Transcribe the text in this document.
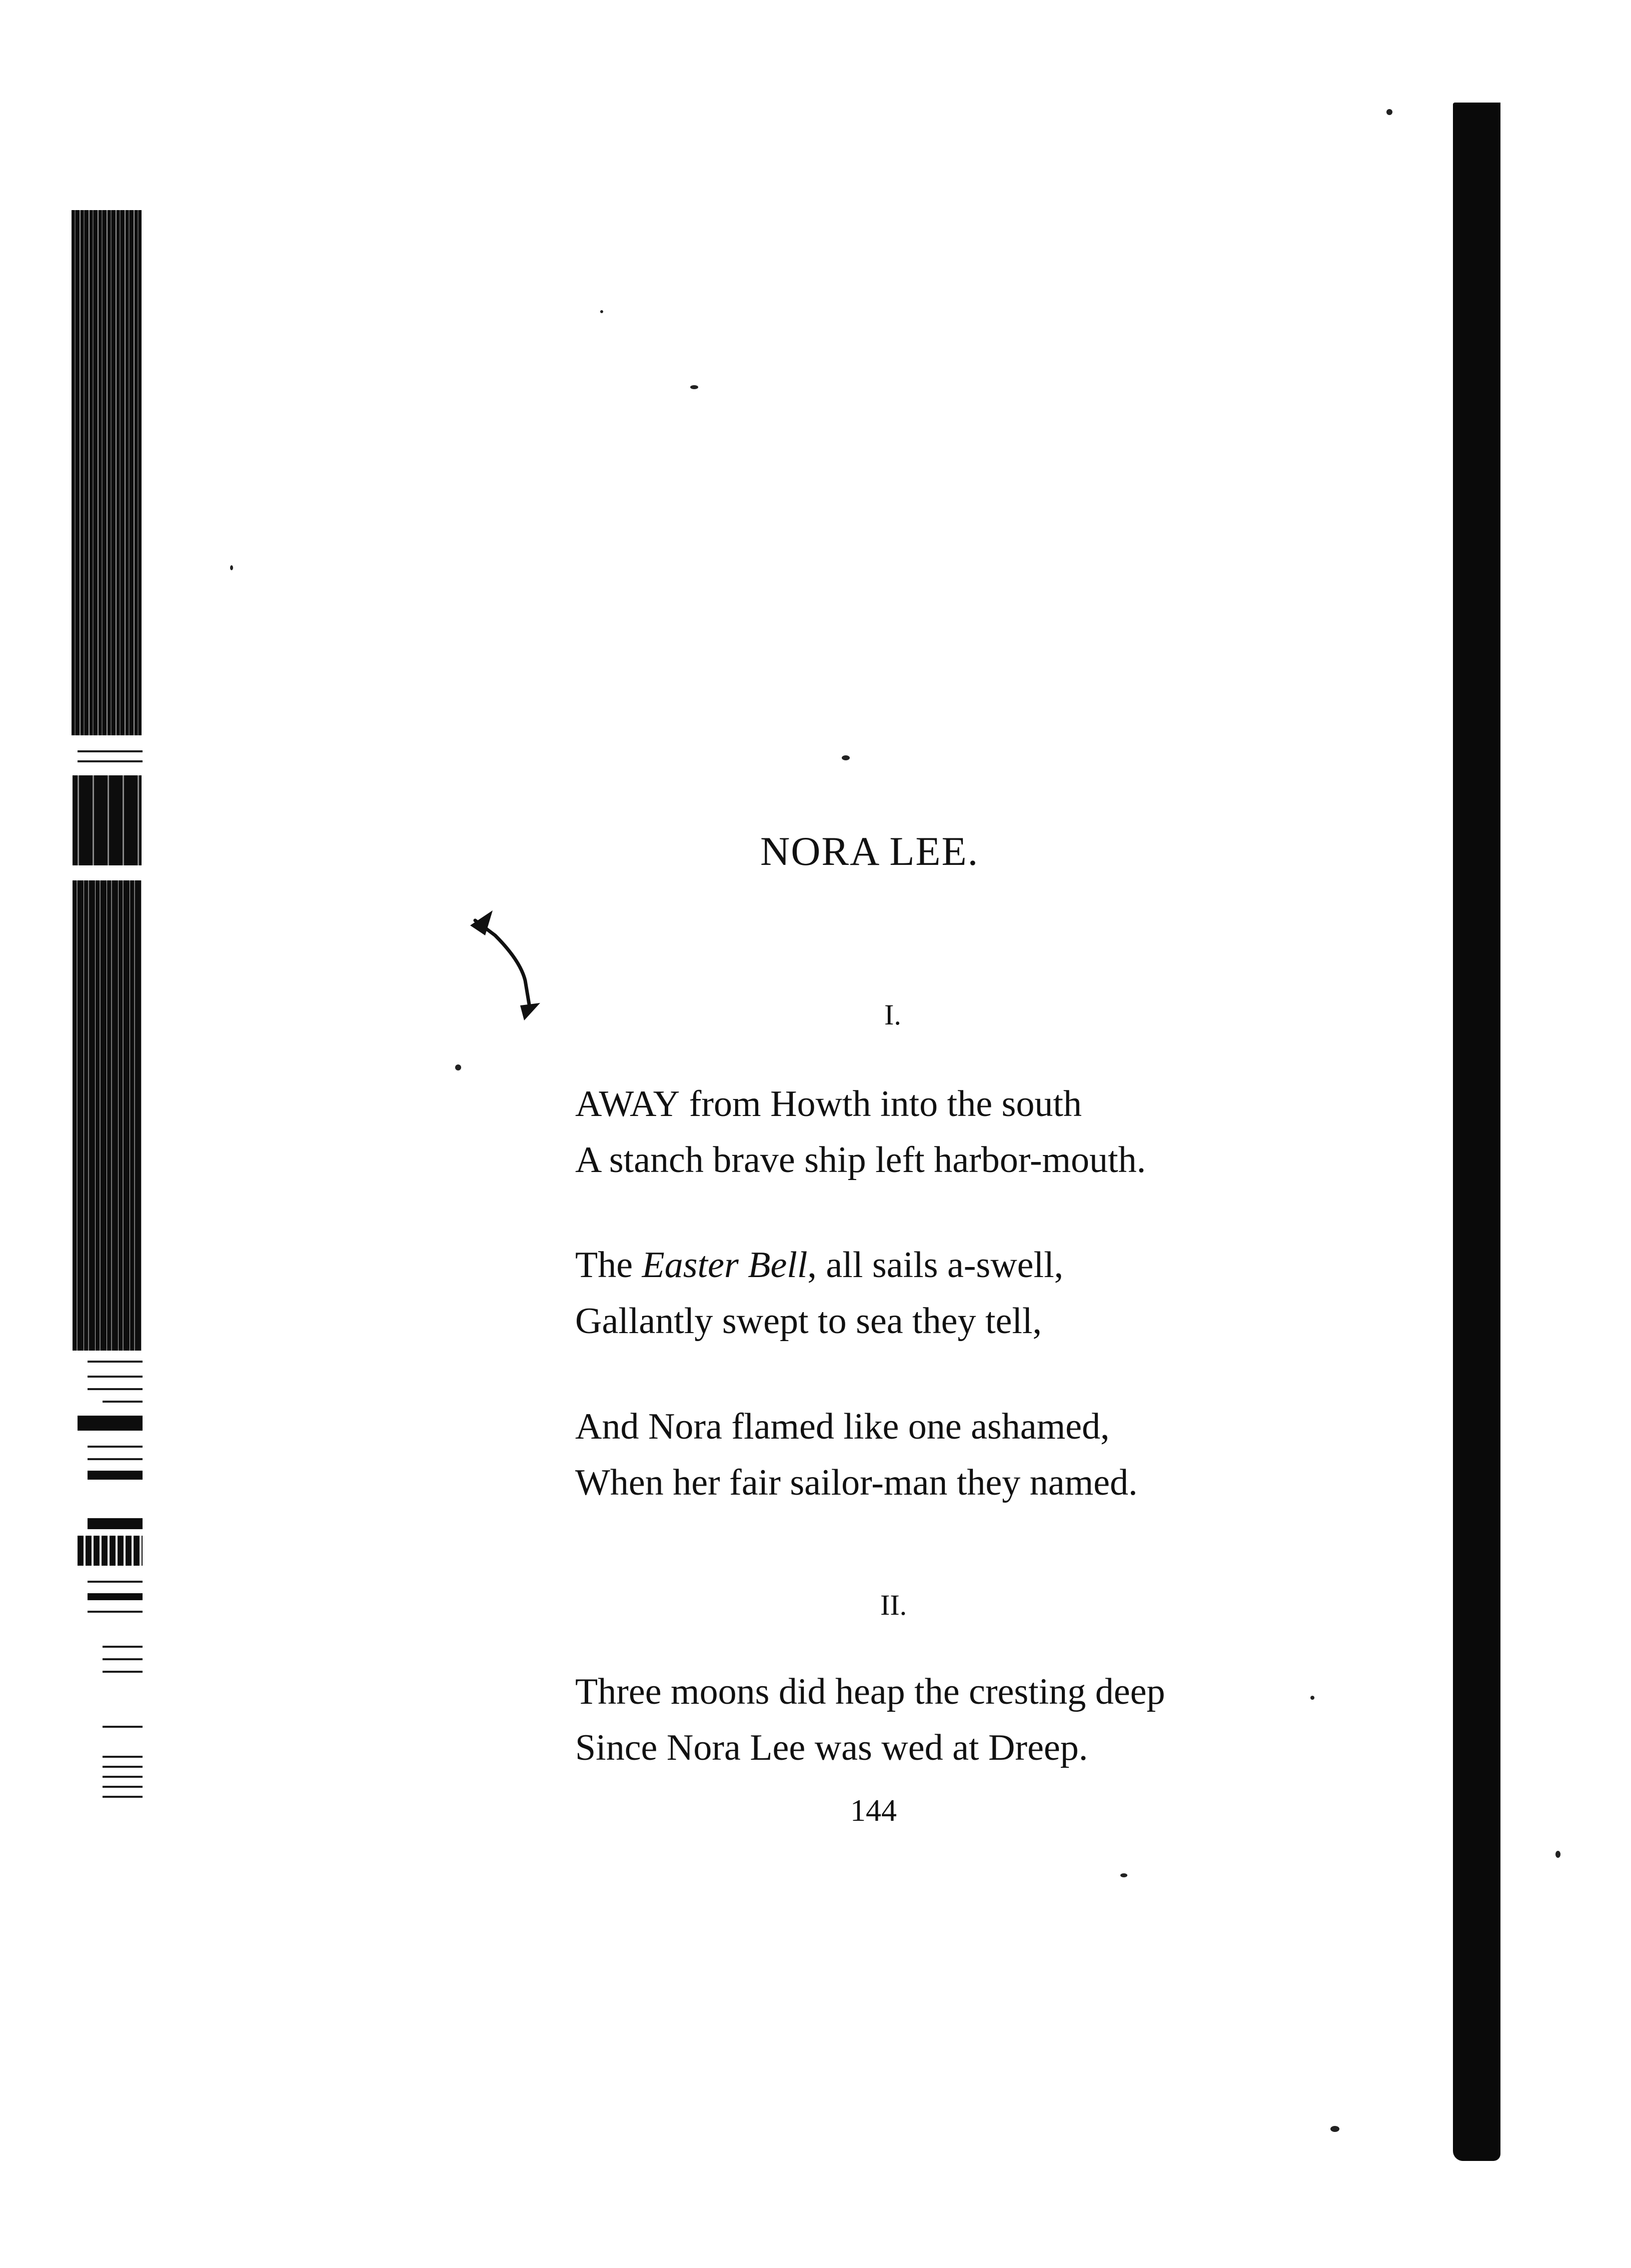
NORA LEE.
I.
AWAY from Howth into the south
A stanch brave ship left harbor-mouth.
The Easter Bell, all sails a-swell,
Gallantly swept to sea they tell,
And Nora flamed like one ashamed,
When her fair sailor-man they named.
II.
Three moons did heap the cresting deep
Since Nora Lee was wed at Dreep.
144
